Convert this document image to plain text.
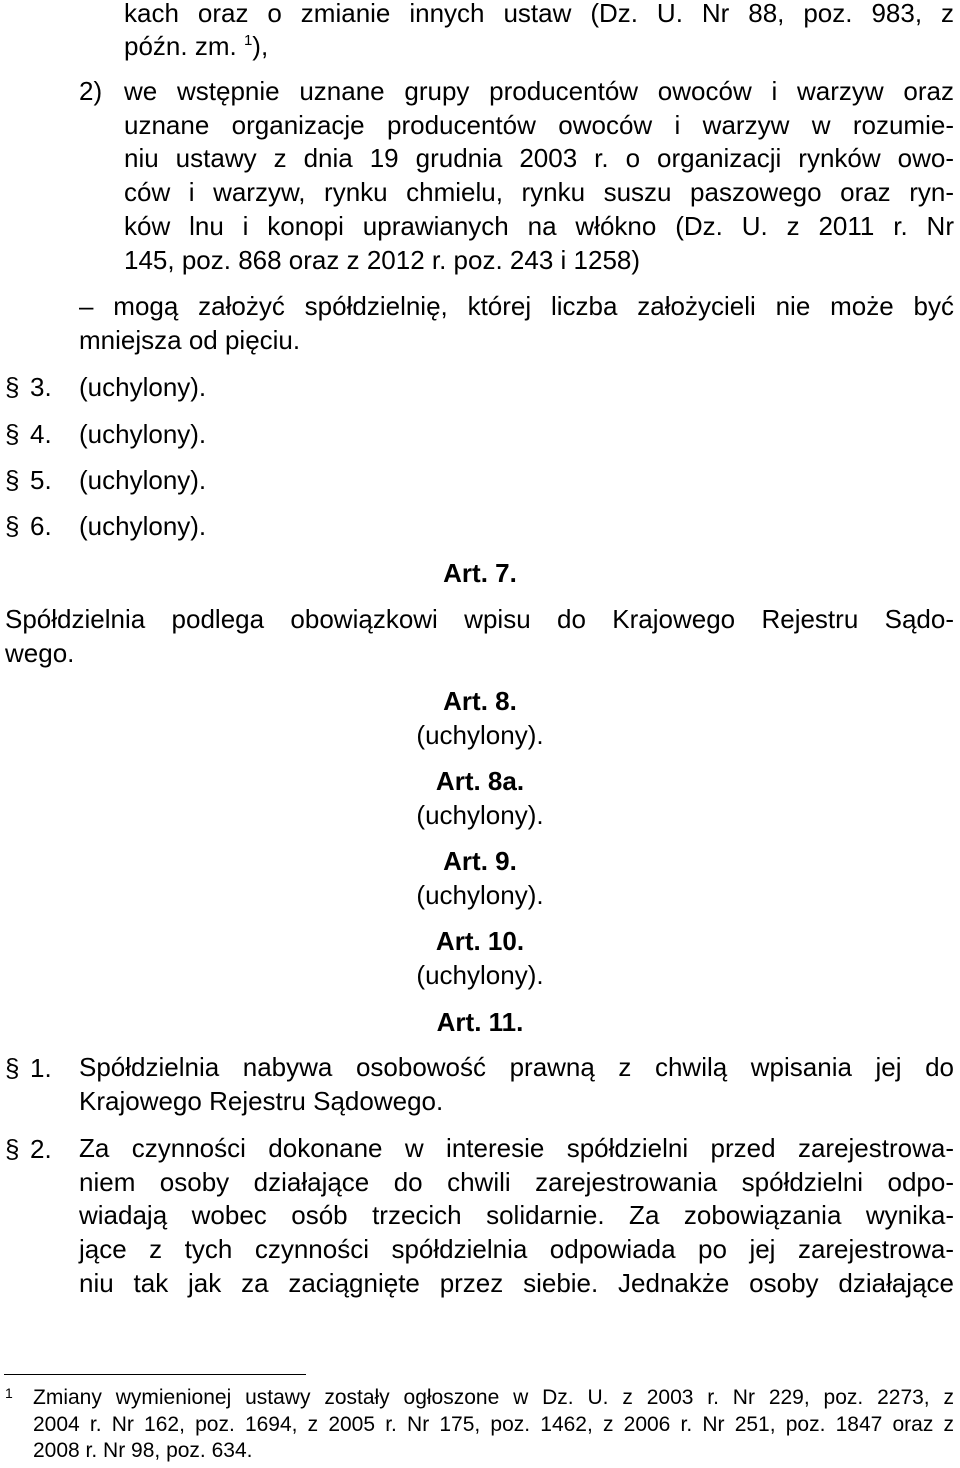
kach oraz o zmianie innych ustaw (Dz. U. Nr 88, poz. 983, z
późn. zm. $^1$),
2) we wstępnie uznane grupy producentów owoców i warzyw oraz
uznane organizacje producentów owoców i warzyw w rozumie-
niu ustawy z dnia 19 grudnia 2003 r. o organizacji rynków owo-
ców i warzyw, rynku chmielu, rynku suszu paszowego oraz ryn-
ków lnu i konopi uprawianych na włókno (Dz. U. z 2011 r. Nr
145, poz. 868 oraz z 2012 r. poz. 243 i 1258)
– mogą założyć spółdzielnię, której liczba założycieli nie może być
mniejsza od pięciu.
§ 3. (uchylony).
§ 4. (uchylony).
§ 5. (uchylony).
§ 6. (uchylony).
Art. 7.
Spółdzielnia podlega obowiązkowi wpisu do Krajowego Rejestru Sądo-
wego.
Art. 8.
(uchylony).
Art. 8a.
(uchylony).
Art. 9.
(uchylony).
Art. 10.
(uchylony).
Art. 11.
§ 1. Spółdzielnia nabywa osobowość prawną z chwilą wpisania jej do
Krajowego Rejestru Sądowego.
§ 2. Za czynności dokonane w interesie spółdzielni przed zarejestrowa-
niem osoby działające do chwili zarejestrowania spółdzielni odpo-
wiadają wobec osób trzecich solidarnie. Za zobowiązania wynika-
jące z tych czynności spółdzielnia odpowiada po jej zarejestrowa-
niu tak jak za zaciągnięte przez siebie. Jednakże osoby działające
1 Zmiany wymienionej ustawy zostały ogłoszone w Dz. U. z 2003 r. Nr 229, poz. 2273, z
2004 r. Nr 162, poz. 1694, z 2005 r. Nr 175, poz. 1462, z 2006 r. Nr 251, poz. 1847 oraz z
2008 r. Nr 98, poz. 634.
